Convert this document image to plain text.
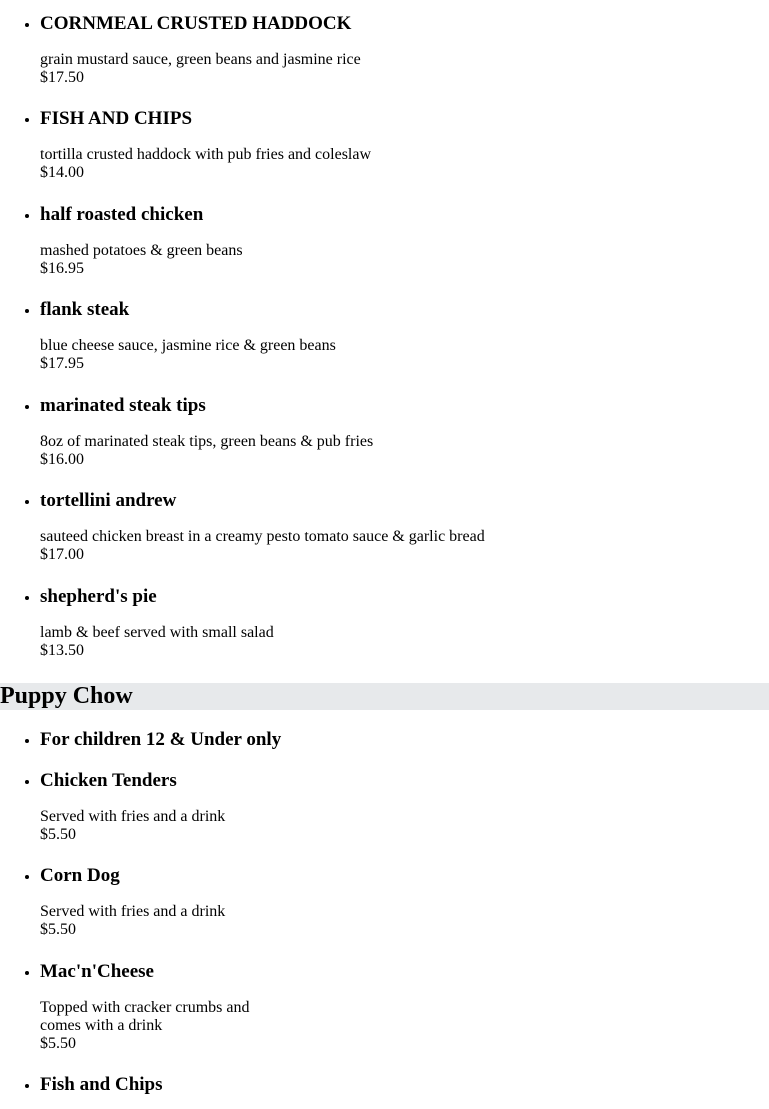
• CORNMEAL CRUSTED HADDOCK

grain mustard sauce, green beans and jasmine rice

$17.50

• FISH AND CHIPS

tortilla crusted haddock with pub fries and coleslaw

$14.00

• half roasted chicken

mashed potatoes & green beans

$16.95

• flank steak

blue cheese sauce, jasmine rice & green beans

$17.95

• marinated steak tips

8oz of marinated steak tips, green beans & pub fries

$16.00

• tortellini andrew

sauteed chicken breast in a creamy pesto tomato sauce & garlic bread

$17.00

• shepherd's pie

lamb & beef served with small salad

$13.50

Puppy Chow
• For children 12 & Under only
• Chicken Tenders

Served with fries and a drink

$5.50

• Corn Dog

Served with fries and a drink

$5.50

• Mac'n'Cheese

Topped with cracker crumbs and

comes with a drink

$5.50

• Fish and Chips
